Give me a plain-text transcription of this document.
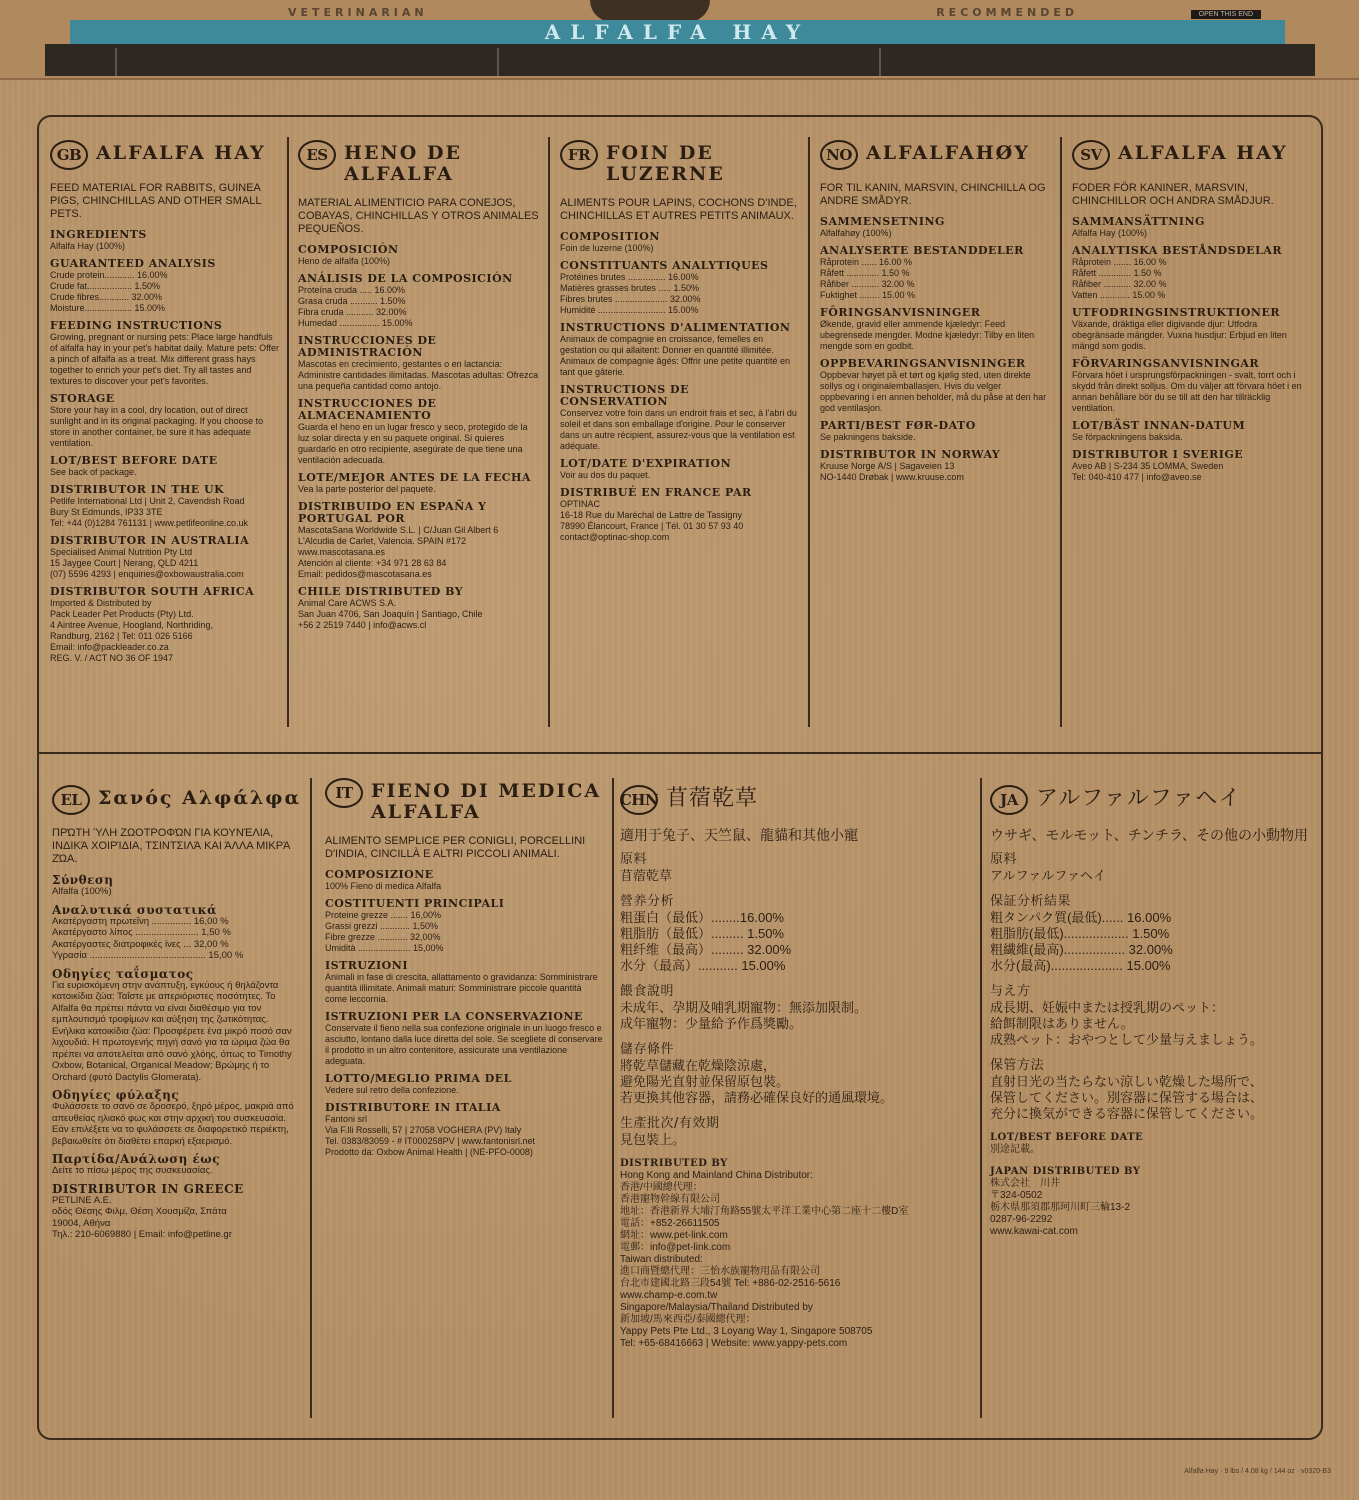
VETERINARIAN	RECOMMENDED
ALFALFA HAY
OPEN THIS END
GB ALFALFA HAY
FEED MATERIAL FOR RABBITS, GUINEA PIGS, CHINCHILLAS AND OTHER SMALL PETS.
INGREDIENTS
Alfalfa Hay (100%)
GUARANTEED ANALYSIS
Crude protein............ 16.00%
Crude fat.................. 1.50%
Crude fibres............ 32.00%
Moisture................... 15.00%
FEEDING INSTRUCTIONS
Growing, pregnant or nursing pets: Place large handfuls of alfalfa hay in your pet's habitat daily. Mature pets: Offer a pinch of alfalfa as a treat. Mix different grass hays together to enrich your pet's diet. Try all tastes and textures to discover your pet's favorites.
STORAGE
Store your hay in a cool, dry location, out of direct sunlight and in its original packaging. If you choose to store in another container, be sure it has adequate ventilation.
LOT/BEST BEFORE DATE
See back of package.
DISTRIBUTOR IN THE UK
Petlife International Ltd | Unit 2, Cavendish Road
Bury St Edmunds, IP33 3TE
Tel: +44 (0)1284 761131 | www.petlifeonline.co.uk
DISTRIBUTOR IN AUSTRALIA
Specialised Animal Nutrition Pty Ltd
15 Jaygee Court | Nerang, QLD 4211
(07) 5596 4293 | enquiries@oxbowaustralia.com
DISTRIBUTOR SOUTH AFRICA
Imported & Distributed by
Pack Leader Pet Products (Pty) Ltd.
4 Aintree Avenue, Hoogland, Northriding,
Randburg, 2162 | Tel: 011 026 5166
Email: info@packleader.co.za
REG. V. / ACT NO 36 OF 1947
ES HENO DE ALFALFA
MATERIAL ALIMENTICIO PARA CONEJOS, COBAYAS, CHINCHILLAS Y OTROS ANIMALES PEQUEÑOS.
COMPOSICIÓN
Heno de alfalfa (100%)
ANÁLISIS DE LA COMPOSICIÓN
Proteína cruda ..... 16.00%
Grasa cruda ........... 1.50%
Fibra cruda ........... 32.00%
Humedad ................ 15.00%
INSTRUCCIONES DE ADMINISTRACIÓN
Mascotas en crecimiento, gestantes o en lactancia: Administre cantidades ilimitadas. Mascotas adultas: Ofrezca una pequeña cantidad como antojo.
INSTRUCCIONES DE ALMACENAMIENTO
Guarda el heno en un lugar fresco y seco, protegido de la luz solar directa y en su paquete original. Si quieres guardarlo en otro recipiente, asegúrate de que tiene una ventilación adecuada.
LOTE/MEJOR ANTES DE LA FECHA
Vea la parte posterior del paquete.
DISTRIBUIDO EN ESPAÑA Y PORTUGAL POR
MascotaSana Worldwide S.L. | C/Juan Gil Albert 6
L'Alcudia de Carlet, Valencia. SPAIN #172
www.mascotasana.es
Atención al cliente: +34 971 28 63 84
Email: pedidos@mascotasana.es
CHILE DISTRIBUTED BY
Animal Care ACWS S.A.
San Juan 4706, San Joaquín | Santiago, Chile
+56 2 2519 7440 | info@acws.cl
FR FOIN DE LUZERNE
ALIMENTS POUR LAPINS, COCHONS D'INDE, CHINCHILLAS ET AUTRES PETITS ANIMAUX.
COMPOSITION
Foin de luzerne (100%)
CONSTITUANTS ANALYTIQUES
Protéines brutes ............... 16.00%
Matières grasses brutes ..... 1.50%
Fibres brutes ..................... 32.00%
Humidité ........................... 15.00%
INSTRUCTIONS D'ALIMENTATION
Animaux de compagnie en croissance, femelles en gestation ou qui allaitent: Donner en quantité illimitée. Animaux de compagnie âgés: Offrir une petite quantité en tant que gâterie.
INSTRUCTIONS DE CONSERVATION
Conservez votre foin dans un endroit frais et sec, à l'abri du soleil et dans son emballage d'origine. Pour le conserver dans un autre récipient, assurez-vous que la ventilation est adéquate.
LOT/DATE D'EXPIRATION
Voir au dos du paquet.
DISTRIBUÉ EN FRANCE PAR
OPTINAC
16-18 Rue du Maréchal de Lattre de Tassigny
78990 Élancourt, France | Tél. 01 30 57 93 40
contact@optinac-shop.com
NO ALFALFAHØY
FOR TIL KANIN, MARSVIN, CHINCHILLA OG ANDRE SMÅDYR.
SAMMENSETNING
Alfalfahøy (100%)
ANALYSERTE BESTANDDELER
Råprotein ...... 16.00 %
Råfett ............. 1.50 %
Råfiber ........... 32.00 %
Fuktighet ........ 15.00 %
FÔRINGSANVISNINGER
Økende, gravid eller ammende kjæledyr: Feed ubegrensede mengder. Modne kjæledyr: Tilby en liten mengde som en godbit.
OPPBEVARINGSANVISNINGER
Oppbevar høyet på et tørt og kjølig sted, uten direkte sollys og i originalemballasjen. Hvis du velger oppbevaring i en annen beholder, må du påse at den har god ventilasjon.
PARTI/BEST FØR-DATO
Se pakningens bakside.
DISTRIBUTOR IN NORWAY
Kruuse Norge A/S | Sagaveien 13
NO-1440 Drøbak | www.kruuse.com
SV ALFALFA HAY
FODER FÖR KANINER, MARSVIN, CHINCHILLOR OCH ANDRA SMÅDJUR.
SAMMANSÄTTNING
Alfalfa Hay (100%)
ANALYTISKA BESTÅNDSDELAR
Råprotein ....... 16.00 %
Råfett ............. 1.50 %
Råfiber ........... 32.00 %
Vatten ............ 15.00 %
UTFODRINGSINSTRUKTIONER
Växande, dräktiga eller digivande djur: Utfodra obegränsade mängder. Vuxna husdjur: Erbjud en liten mängd som godis.
FÖRVARINGSANVISNINGAR
Förvara höet i ursprungsförpackningen - svalt, torrt och i skydd från direkt solljus. Om du väljer att förvara höet i en annan behållare bör du se till att den har tillräcklig ventilation.
LOT/BÄST INNAN-DATUM
Se förpackningens baksida.
DISTRIBUTOR I SVERIGE
Aveo AB | S-234 35 LOMMA, Sweden
Tel: 040-410 477 | info@aveo.se
EL Σανός Αλφάλφα
ΠΡΏΤΗ ΎΛΗ ΖΩΟΤΡΟΦΏΝ ΓΙΑ ΚΟΥΝΈΛΙΑ, ΙΝΔΙΚΆ ΧΟΙΡΊΔΙΑ, ΤΣΙΝΤΣΙΛΆ ΚΑΙ ΆΛΛΑ ΜΙΚΡΆ ΖΏΑ.
Σύνθεση
Alfalfa (100%)
Αναλυτικά συστατικά
Ακατέργαστη πρωτεΐνη ............... 16,00 %
Ακατέργαστο λίπος ........................ 1,50 %
Ακατέργαστες διατροφικές ίνες ... 32,00 %
Υγρασία ............................................ 15,00 %
Οδηγίες ταΐσματος
Για ευρισκόμενη στην ανάπτυξη, εγκύους ή θηλάζοντα κατοικίδια ζώα: Ταΐστε με απεριόριστες ποσότητες. Το Alfalfa θα πρέπει πάντα να είναι διαθέσιμο για τον εμπλουτισμό τροφίμων και αύξηση της ζωτικότητας. Ενήλικα κατοικίδια ζώα: Προσφέρετε ένα μικρό ποσό σαν λιχουδιά. Η πρωτογενής πηγή σανό για τα ώριμα ζώα θα πρέπει να αποτελείται από σανό χλόης, όπως το Timothy Oxbow, Botanical, Organical Meadow; Βρώμης ή το Orchard (φυτό Dactylis Glomerata).
Οδηγίες φύλαξης
Φυλάσσετε το σανό σε δροσερό, ξηρό μέρος, μακριά από απευθείας ηλιακό φως και στην αρχική του συσκευασία. Εάν επιλέξετε να το φυλάσσετε σε διαφορετικό περιέκτη, βεβαιωθείτε ότι διαθέτει επαρκή εξαερισμό.
Παρτίδα/Ανάλωση έως
Δείτε το πίσω μέρος της συσκευασίας.
DISTRIBUTOR IN GREECE
PETLINE A.E.
οδός Θέσης Φιλμ, Θέση Χουσμίζα, Σπάτα
19004, Αθήνα
Τηλ.: 210-6069880 | Email: info@petline.gr
IT FIENO DI MEDICA ALFALFA
ALIMENTO SEMPLICE PER CONIGLI, PORCELLINI D'INDIA, CINCILLÀ E ALTRI PICCOLI ANIMALI.
COMPOSIZIONE
100% Fieno di medica Alfalfa
COSTITUENTI PRINCIPALI
Proteine grezze ....... 16,00%
Grassi grezzi ............ 1,50%
Fibre grezze ............ 32,00%
Umidità ..................... 15,00%
ISTRUZIONI
Animali in fase di crescita, allattamento o gravidanza: Somministrare quantità illimitate. Animali maturi: Somministrare piccole quantità come leccornia.
ISTRUZIONI PER LA CONSERVAZIONE
Conservate il fieno nella sua confezione originale in un luogo fresco e asciutto, lontano dalla luce diretta del sole. Se scegliete di conservare il prodotto in un altro contenitore, assicurate una ventilazione adeguata.
LOTTO/MEGLIO PRIMA DEL
Vedere sul retro della confezione.
DISTRIBUTORE IN ITALIA
Fantoni srl
Via F.lli Rosselli, 57 | 27058 VOGHERA (PV) Italy
Tel. 0383/83059 - # IT000258PV | www.fantonisrl.net
Prodotto da: Oxbow Animal Health | (NE-PFO-0008)
CHN 苜蓿乾草
適用于兔子、天竺鼠、龍貓和其他小寵
原料
苜蓿乾草
營养分析
粗蛋白（最低）........16.00%
粗脂肪（最低）......... 1.50%
粗纤维（最高）......... 32.00%
水分（最高）........... 15.00%
餵食說明
未成年、孕期及哺乳期寵物：無添加限制。
成年寵物：少量給予作爲獎勵。
儲存條件
將乾草儲藏在乾燥陰涼處，
避免陽光直射並保留原包裝。
若更換其他容器，請務必確保良好的通風環境。
生產批次/有效期
見包裝上。
DISTRIBUTED BY
Hong Kong and Mainland China Distributor:
香港/中國總代理：
香港寵物幹線有限公司
地址：香港新界大埔汀角路55號太平洋工業中心第二座十二樓D室
電話：+852-26611505
網址：www.pet-link.com
電郵：info@pet-link.com
Taiwan distributed:
進口商暨總代理：三怡水族寵物用品有限公司
台北市建國北路三段54號 Tel: +886-02-2516-5616
www.champ-e.com.tw
Singapore/Malaysia/Thailand Distributed by
新加坡/馬來西亞/泰國總代理：
Yappy Pets Pte Ltd., 3 Loyang Way 1, Singapore 508705
Tel: +65-68416663 | Website: www.yappy-pets.com
JA アルファルファヘイ
ウサギ、モルモット、チンチラ、その他の小動物用
原料
アルファルファヘイ
保証分析結果
粗タンパク質(最低)...... 16.00%
粗脂肪(最低).................. 1.50%
粗繊維(最高)................. 32.00%
水分(最高).................... 15.00%
与え方
成長期、妊娠中または授乳期のペット：
給餌制限はありません。
成熟ペット：おやつとして少量与えましょう。
保管方法
直射日光の当たらない涼しい乾燥した場所で、
保管してください。別容器に保管する場合は、
充分に換気ができる容器に保管してください。
LOT/BEST BEFORE DATE
別途記載。
JAPAN DISTRIBUTED BY
株式会社　川井
〒324-0502
栃木県那須郡那珂川町三輪13-2
0287-96-2292
www.kawai-cat.com
Alfalfa Hay · 9 lbs / 4.08 kg / 144 oz · v0320-B3
